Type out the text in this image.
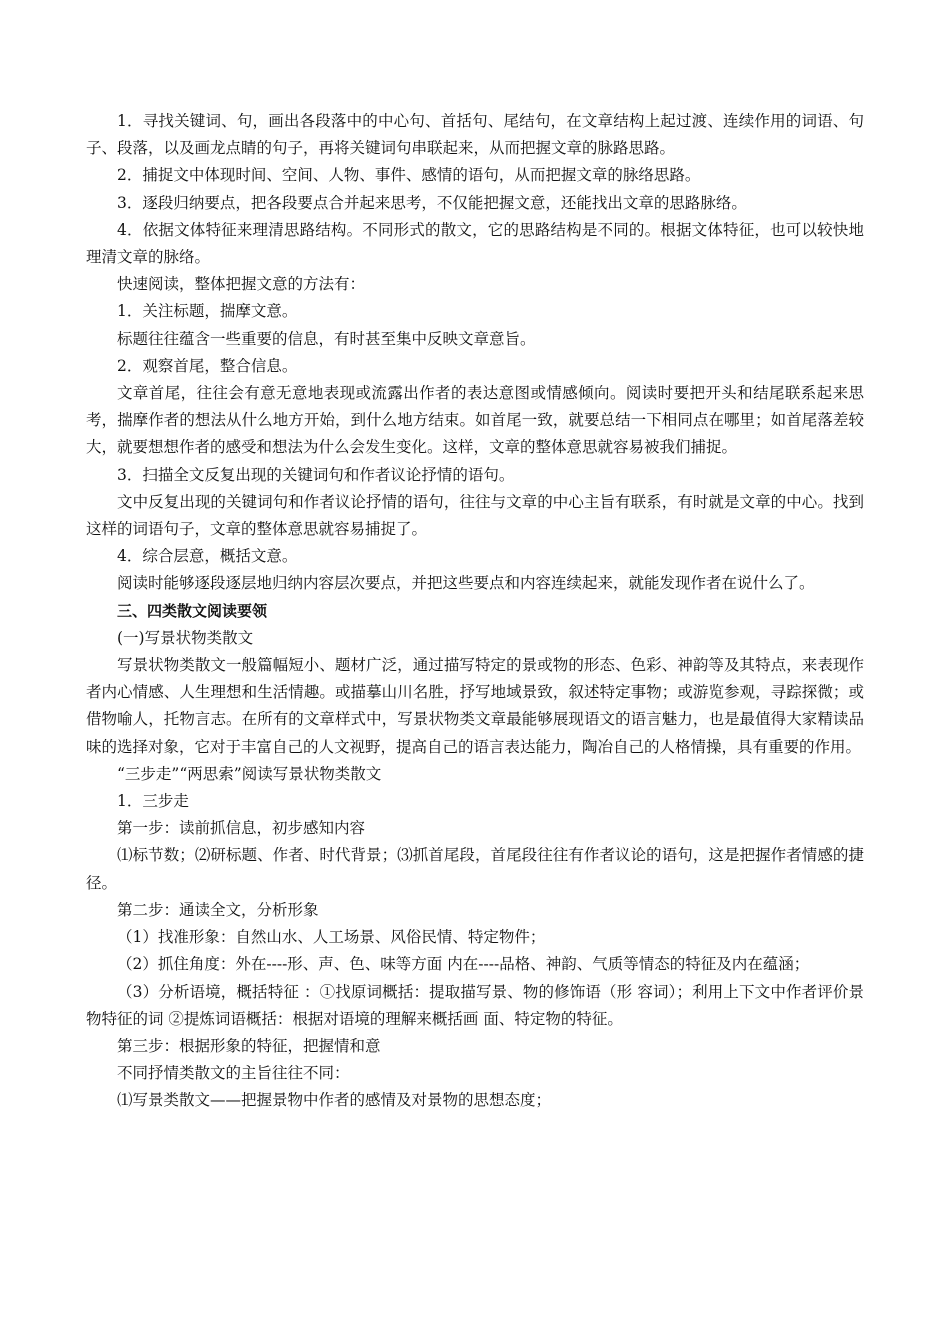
1．寻找关键词、句，画出各段落中的中心句、首括句、尾结句，在文章结构上起过渡、连续作用的词语、句子、段落，以及画龙点睛的句子，再将关键词句串联起来，从而把握文章的脉路思路。

2．捕捉文中体现时间、空间、人物、事件、感情的语句，从而把握文章的脉络思路。

3．逐段归纳要点，把各段要点合并起来思考，不仅能把握文意，还能找出文章的思路脉络。

4．依据文体特征来理清思路结构。不同形式的散文，它的思路结构是不同的。根据文体特征，也可以较快地理清文章的脉络。

快速阅读，整体把握文意的方法有：

1．关注标题，揣摩文意。

标题往往蕴含一些重要的信息，有时甚至集中反映文章意旨。

2．观察首尾，整合信息。

文章首尾，往往会有意无意地表现或流露出作者的表达意图或情感倾向。阅读时要把开头和结尾联系起来思考，揣摩作者的想法从什么地方开始，到什么地方结束。如首尾一致，就要总结一下相同点在哪里；如首尾落差较大，就要想想作者的感受和想法为什么会发生变化。这样，文章的整体意思就容易被我们捕捉。

3．扫描全文反复出现的关键词句和作者议论抒情的语句。

文中反复出现的关键词句和作者议论抒情的语句，往往与文章的中心主旨有联系，有时就是文章的中心。找到这样的词语句子，文章的整体意思就容易捕捉了。

4．综合层意，概括文意。

阅读时能够逐段逐层地归纳内容层次要点，并把这些要点和内容连续起来，就能发现作者在说什么了。

三、四类散文阅读要领

(一)写景状物类散文

写景状物类散文一般篇幅短小、题材广泛，通过描写特定的景或物的形态、色彩、神韵等及其特点，来表现作者内心情感、人生理想和生活情趣。或描摹山川名胜，抒写地域景致，叙述特定事物；或游览参观，寻踪探微；或借物喻人，托物言志。在所有的文章样式中，写景状物类文章最能够展现语文的语言魅力，也是最值得大家精读品味的选择对象，它对于丰富自己的人文视野，提高自己的语言表达能力，陶冶自己的人格情操，具有重要的作用。

“三步走”“两思索”阅读写景状物类散文

1．三步走

第一步：读前抓信息，初步感知内容

⑴标节数；⑵研标题、作者、时代背景；⑶抓首尾段，首尾段往往有作者议论的语句，这是把握作者情感的捷径。

第二步：通读全文，分析形象

（1）找准形象：自然山水、人工场景、风俗民情、特定物件；

（2）抓住角度：外在----形、声、色、味等方面 内在----品格、神韵、气质等情态的特征及内在蕴涵；

（3）分析语境，概括特征 ：①找原词概括：提取描写景、物的修饰语（形 容词）；利用上下文中作者评价景物特征的词 ②提炼词语概括：根据对语境的理解来概括画 面、特定物的特征。

第三步：根据形象的特征，把握情和意

不同抒情类散文的主旨往往不同：

⑴写景类散文——把握景物中作者的感情及对景物的思想态度；
